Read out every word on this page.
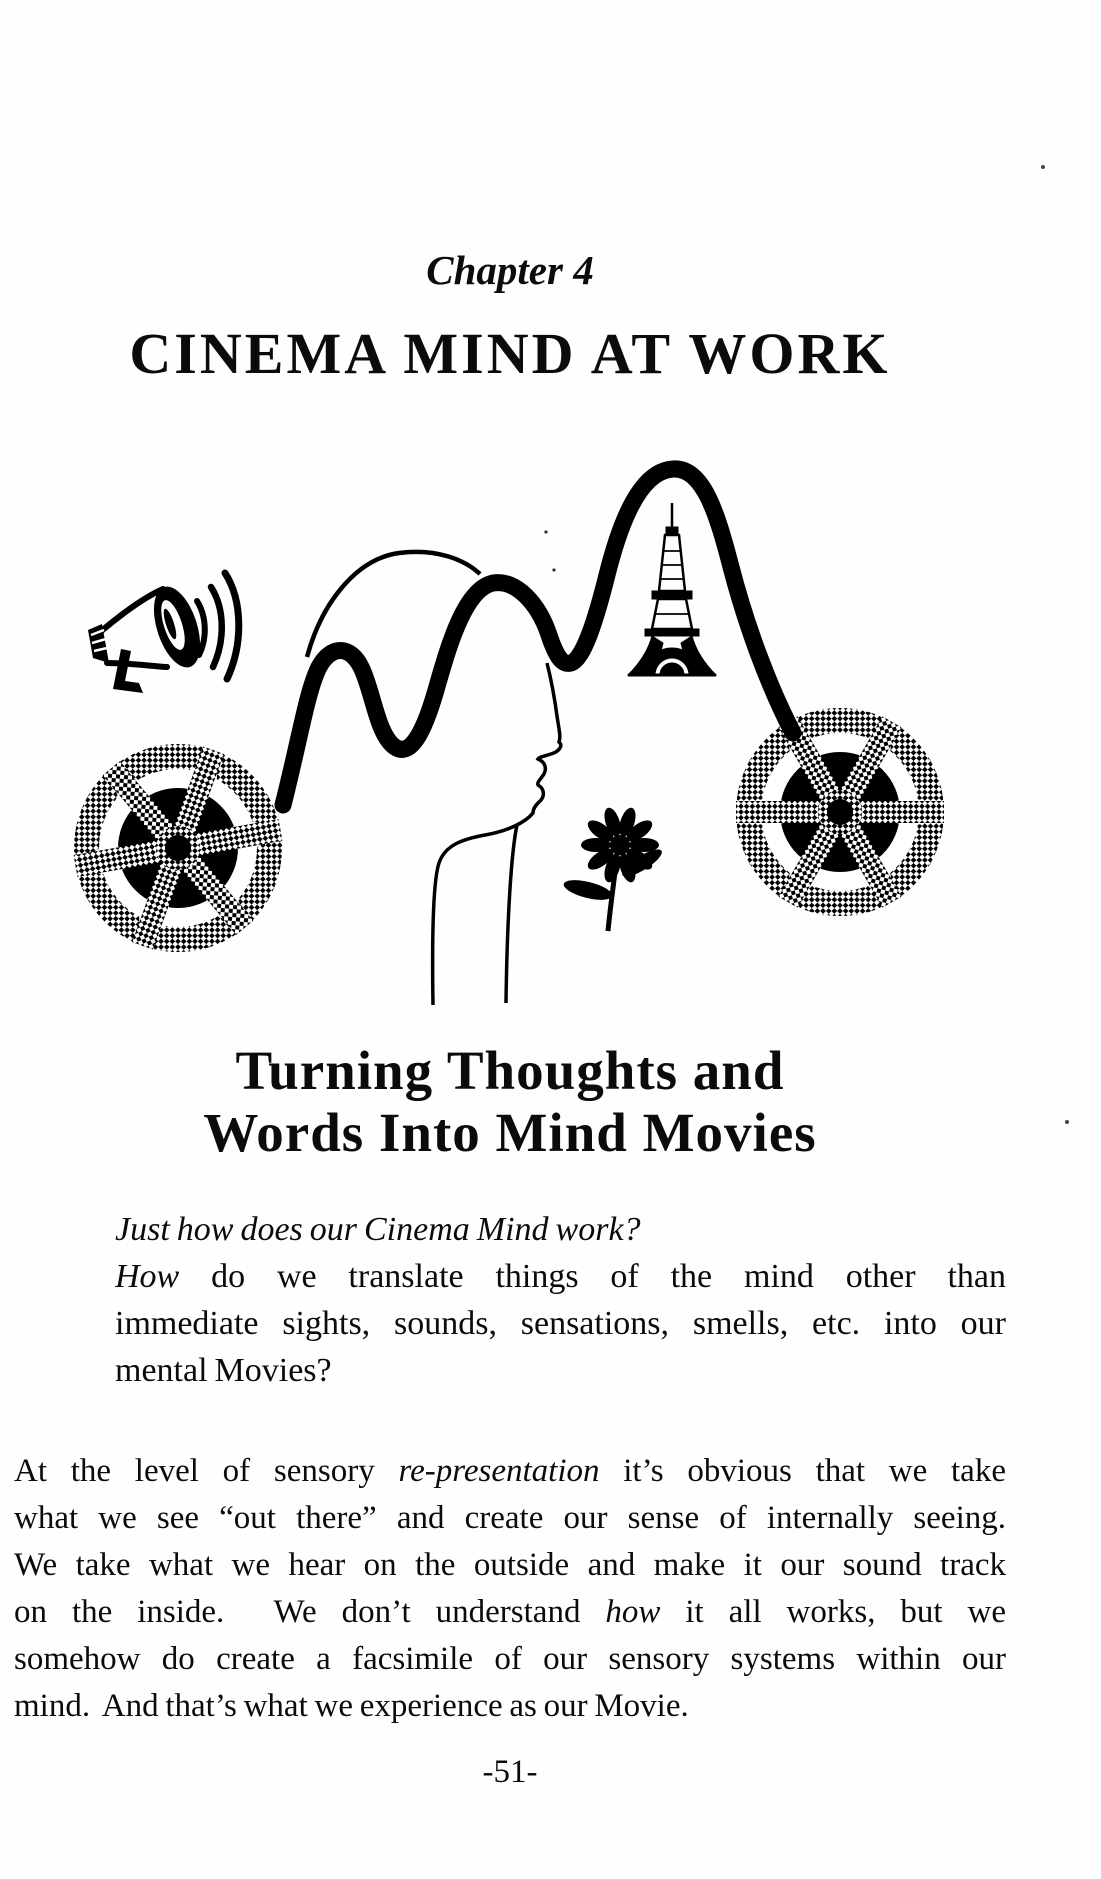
Chapter 4
CINEMA MIND AT WORK
Turning Thoughts and
Words Into Mind Movies
Just how does our Cinema Mind work?
How do we translate things of the mind other than
immediate sights, sounds, sensations, smells, etc. into our
mental Movies?
At the level of sensory re-presentation it’s obvious that we take
what we see “out there” and create our sense of internally seeing.
We take what we hear on the outside and make it our sound track
on the inside.  We don’t understand how it all works, but we
somehow do create a facsimile of our sensory systems within our
mind.  And that’s what we experience as our Movie.
-51-
